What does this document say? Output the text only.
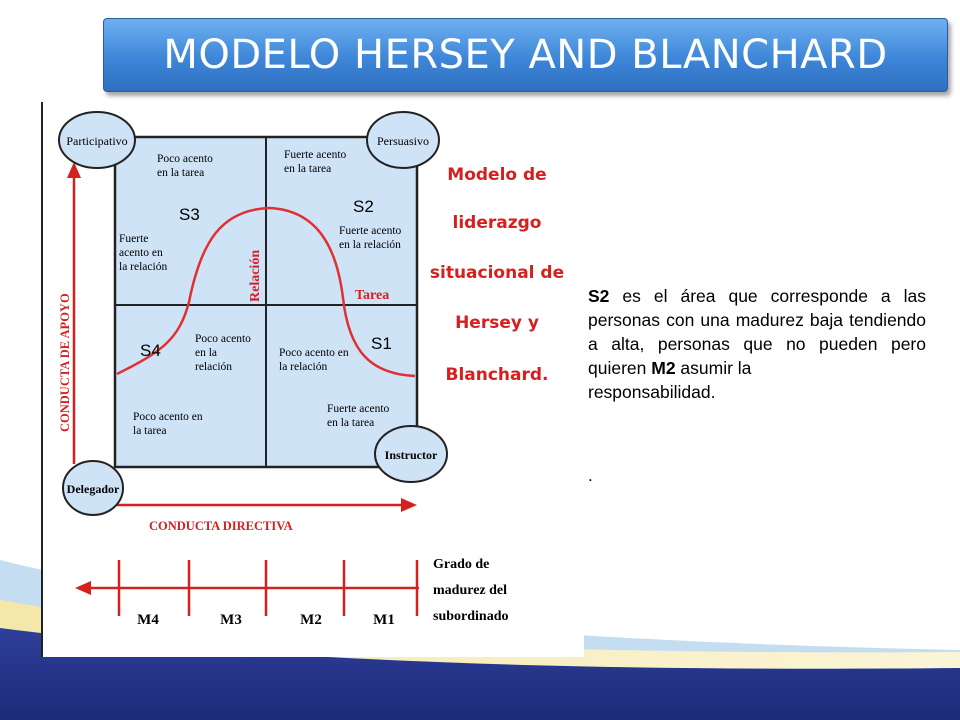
MODELO HERSEY AND BLANCHARD
Participativo	Persuasivo
Delegador
Instructor
Poco acento
en la tarea
Fuerte
acento en
la relación
Fuerte acento
en la tarea
Fuerte acento
en la relación
Poco acento
en la
relación
Poco acento en
la tarea
Poco acento en
la relación
Fuerte acento
en la tarea
S3	S2
S4	S1
Relación	Tarea
CONDUCTA DE APOYO
CONDUCTA DIRECTIVA
Modelo de
liderazgo
situacional de
Hersey y
Blanchard.
M4	M3	M2	M1
Grado de
madurez del
subordinado
S2 es el área que corresponde a las personas con una madurez baja tendiendo a alta, personas que no pueden pero quieren M2 asumir la
responsabilidad.
.
